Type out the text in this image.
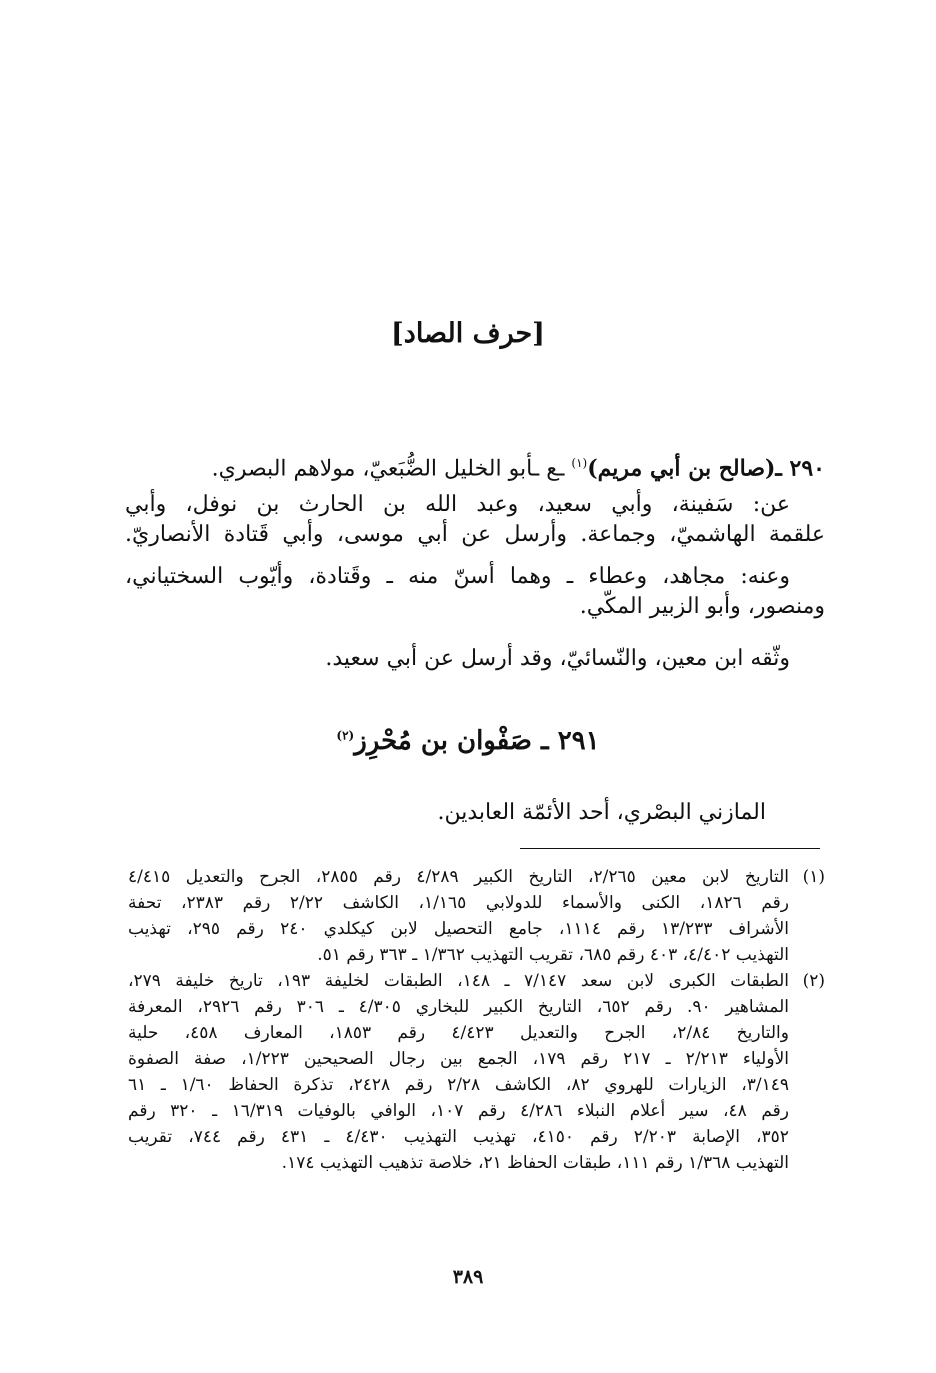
[حرف الصاد]
٢٩٠ ـ(صالح بن أبي مريم)$^{(١)}$ ـع ـأبو الخليل الضُّبَعيّ، مولاهم البصري.
عن: سَفينة، وأبي سعيد، وعبد الله بن الحارث بن نوفل، وأبي
علقمة الهاشميّ، وجماعة. وأرسل عن أبي موسى، وأبي قَتادة الأنصاريّ.
وعنه: مجاهد، وعطاء ـ وهما أسنّ منه ـ وقَتادة، وأيّوب السختياني،
ومنصور، وأبو الزبير المكّي.
وثّقه ابن معين، والنّسائيّ، وقد أرسل عن أبي سعيد.
٢٩١ ـ صَفْوان بن مُحْرِز$^{(٢)}$
المازني البصْري، أحد الأئمّة العابدين.
(١)التاريخ لابن معين ٢/٢٦٥، التاريخ الكبير ٤/٢٨٩ رقم ٢٨٥٥، الجرح والتعديل ٤/٤١٥
رقم ١٨٢٦، الكنى والأسماء للدولابي ١/١٦٥، الكاشف ٢/٢٢ رقم ٢٣٨٣، تحفة
الأشراف ١٣/٢٣٣ رقم ١١١٤، جامع التحصيل لابن كيكلدي ٢٤٠ رقم ٢٩٥، تهذيب
التهذيب ٤/٤٠٢، ٤٠٣ رقم ٦٨٥، تقريب التهذيب ١/٣٦٢ ـ ٣٦٣ رقم ٥١.
(٢)الطبقات الكبرى لابن سعد ٧/١٤٧ ـ ١٤٨، الطبقات لخليفة ١٩٣، تاريخ خليفة ٢٧٩،
المشاهير ٩٠. رقم ٦٥٢، التاريخ الكبير للبخاري ٤/٣٠٥ ـ ٣٠٦ رقم ٢٩٢٦، المعرفة
والتاريخ ٢/٨٤، الجرح والتعديل ٤/٤٢٣ رقم ١٨٥٣، المعارف ٤٥٨، حلية
الأولياء ٢/٢١٣ ـ ٢١٧ رقم ١٧٩، الجمع بين رجال الصحيحين ١/٢٢٣، صفة الصفوة
٣/١٤٩، الزيارات للهروي ٨٢، الكاشف ٢/٢٨ رقم ٢٤٢٨، تذكرة الحفاظ ١/٦٠ ـ ٦١
رقم ٤٨، سير أعلام النبلاء ٤/٢٨٦ رقم ١٠٧، الوافي بالوفيات ١٦/٣١٩ ـ ٣٢٠ رقم
٣٥٢، الإصابة ٢/٢٠٣ رقم ٤١٥٠، تهذيب التهذيب ٤/٤٣٠ ـ ٤٣١ رقم ٧٤٤، تقريب
التهذيب ١/٣٦٨ رقم ١١١، طبقات الحفاظ ٢١، خلاصة تذهيب التهذيب ١٧٤.
٣٨٩
